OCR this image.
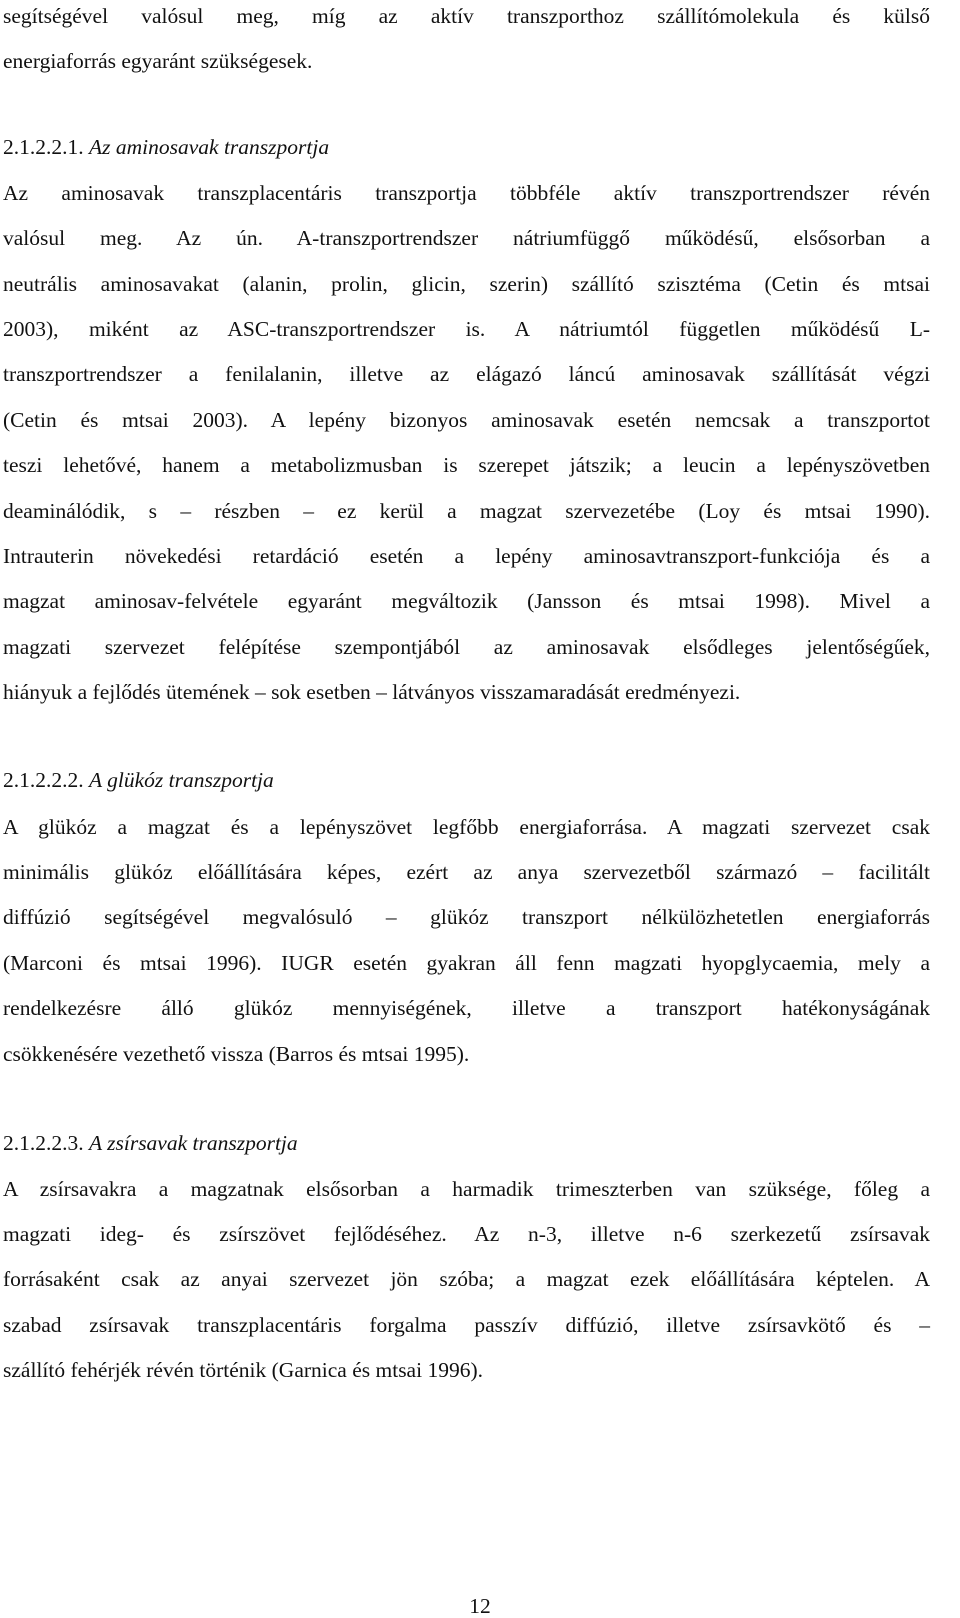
segítségével valósul meg, míg az aktív transzporthoz szállítómolekula és külső
energiaforrás egyaránt szükségesek.
2.1.2.2.1. Az aminosavak transzportja
Az aminosavak transzplacentáris transzportja többféle aktív transzportrendszer révén
valósul meg. Az ún. A-transzportrendszer nátriumfüggő működésű, elsősorban a
neutrális aminosavakat (alanin, prolin, glicin, szerin) szállító szisztéma (Cetin és mtsai
2003), miként az ASC-transzportrendszer is. A nátriumtól független működésű L-
transzportrendszer a fenilalanin, illetve az elágazó láncú aminosavak szállítását végzi
(Cetin és mtsai 2003). A lepény bizonyos aminosavak esetén nemcsak a transzportot
teszi lehetővé, hanem a metabolizmusban is szerepet játszik; a leucin a lepényszövetben
deaminálódik, s – részben – ez kerül a magzat szervezetébe (Loy és mtsai 1990).
Intrauterin növekedési retardáció esetén a lepény aminosavtranszport-funkciója és a
magzat aminosav-felvétele egyaránt megváltozik (Jansson és mtsai 1998). Mivel a
magzati szervezet felépítése szempontjából az aminosavak elsődleges jelentőségűek,
hiányuk a fejlődés ütemének – sok esetben – látványos visszamaradását eredményezi.
2.1.2.2.2. A glükóz transzportja
A glükóz a magzat és a lepényszövet legfőbb energiaforrása. A magzati szervezet csak
minimális glükóz előállítására képes, ezért az anya szervezetből származó – facilitált
diffúzió segítségével megvalósuló – glükóz transzport nélkülözhetetlen energiaforrás
(Marconi és mtsai 1996). IUGR esetén gyakran áll fenn magzati hyopglycaemia, mely a
rendelkezésre álló glükóz mennyiségének, illetve a transzport hatékonyságának
csökkenésére vezethető vissza (Barros és mtsai 1995).
2.1.2.2.3. A zsírsavak transzportja
A zsírsavakra a magzatnak elsősorban a harmadik trimeszterben van szüksége, főleg a
magzati ideg- és zsírszövet fejlődéséhez. Az n-3, illetve n-6 szerkezetű zsírsavak
forrásaként csak az anyai szervezet jön szóba; a magzat ezek előállítására képtelen. A
szabad zsírsavak transzplacentáris forgalma passzív diffúzió, illetve zsírsavkötő és –
szállító fehérjék révén történik (Garnica és mtsai 1996).
12
